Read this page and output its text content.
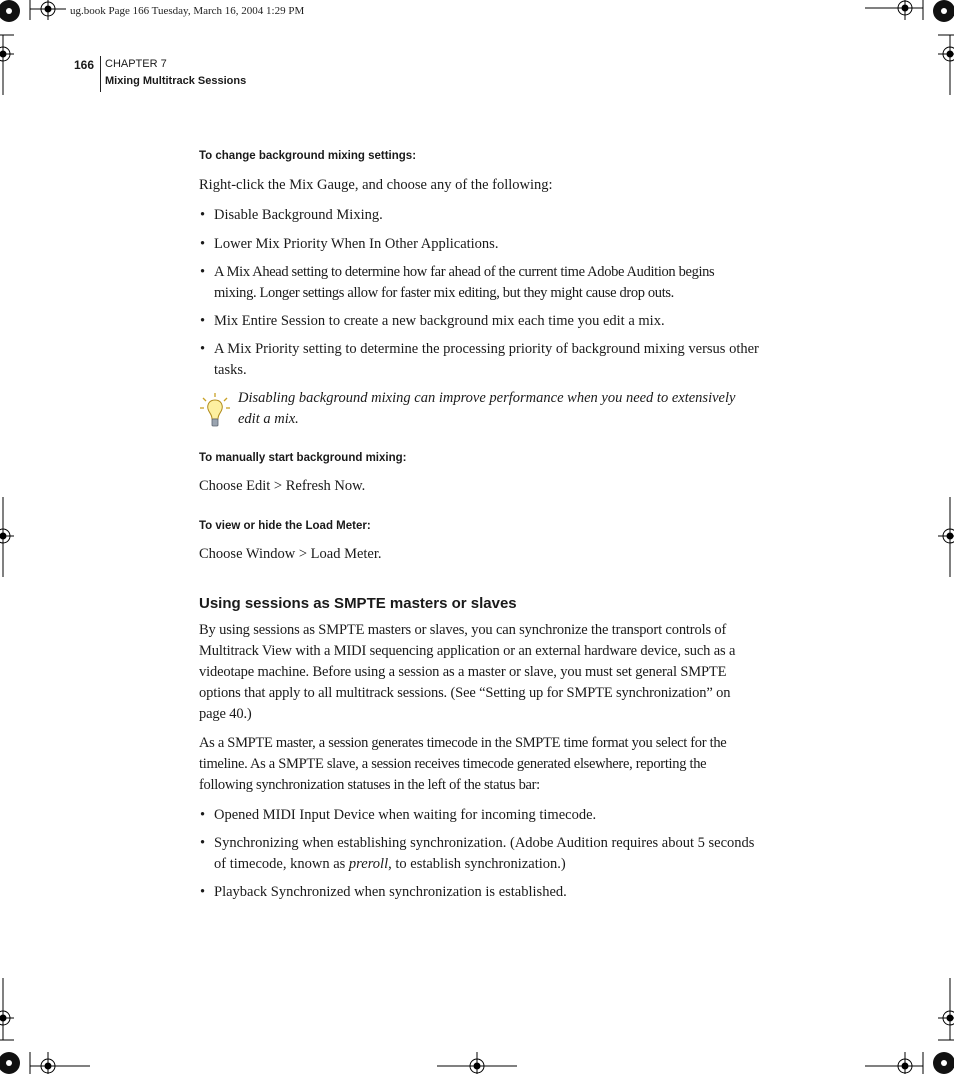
ug.book Page 166 Tuesday, March 16, 2004 1:29 PM
166 CHAPTER 7
Mixing Multitrack Sessions
To change background mixing settings:
Right-click the Mix Gauge, and choose any of the following:
• Disable Background Mixing.
• Lower Mix Priority When In Other Applications.
• A Mix Ahead setting to determine how far ahead of the current time Adobe Audition begins mixing. Longer settings allow for faster mix editing, but they might cause drop outs.
• Mix Entire Session to create a new background mix each time you edit a mix.
• A Mix Priority setting to determine the processing priority of background mixing versus other tasks.
Disabling background mixing can improve performance when you need to extensively edit a mix.
To manually start background mixing:
Choose Edit > Refresh Now.
To view or hide the Load Meter:
Choose Window > Load Meter.
Using sessions as SMPTE masters or slaves
By using sessions as SMPTE masters or slaves, you can synchronize the transport controls of Multitrack View with a MIDI sequencing application or an external hardware device, such as a videotape machine. Before using a session as a master or slave, you must set general SMPTE options that apply to all multitrack sessions. (See “Setting up for SMPTE synchronization” on page 40.)
As a SMPTE master, a session generates timecode in the SMPTE time format you select for the timeline. As a SMPTE slave, a session receives timecode generated elsewhere, reporting the following synchronization statuses in the left of the status bar:
• Opened MIDI Input Device when waiting for incoming timecode.
• Synchronizing when establishing synchronization. (Adobe Audition requires about 5 seconds of timecode, known as preroll, to establish synchronization.)
• Playback Synchronized when synchronization is established.
